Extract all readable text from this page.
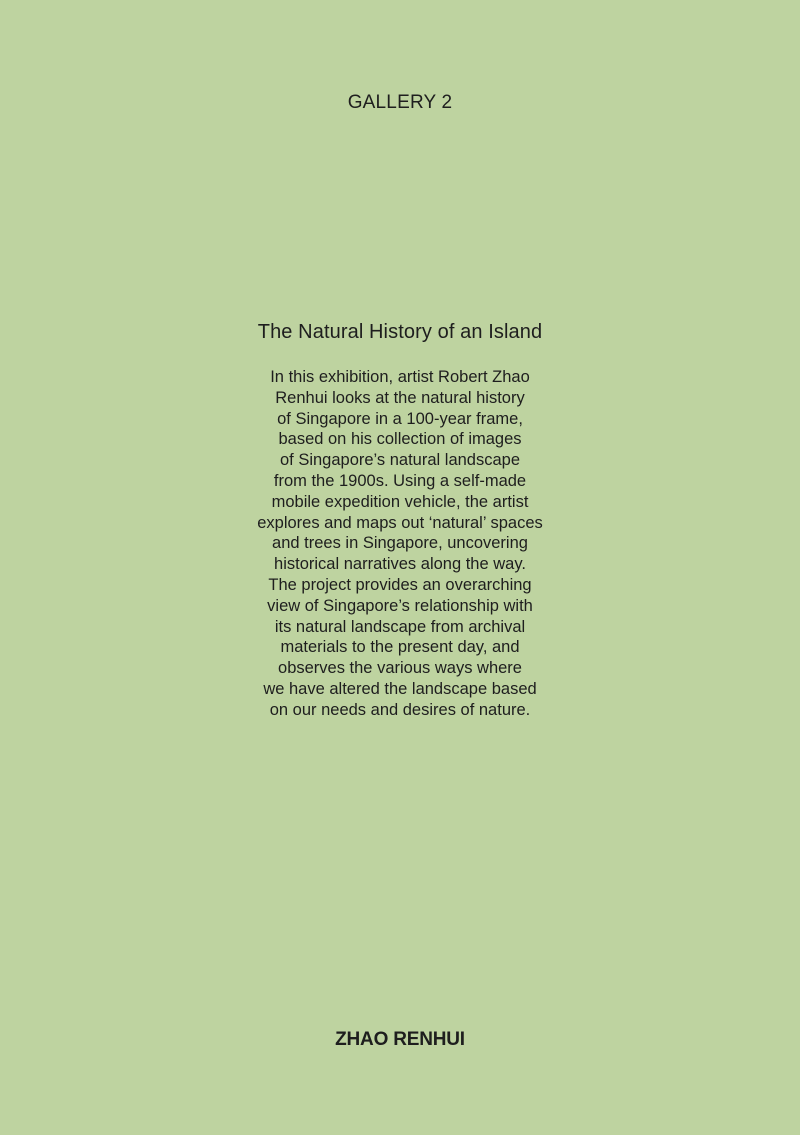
GALLERY 2
The Natural History of an Island
In this exhibition, artist Robert Zhao
Renhui looks at the natural history
of Singapore in a 100-year frame,
based on his collection of images
of Singapore’s natural landscape
from the 1900s. Using a self-made
mobile expedition vehicle, the artist
explores and maps out ‘natural’ spaces
and trees in Singapore, uncovering
historical narratives along the way.
The project provides an overarching
view of Singapore’s relationship with
its natural landscape from archival
materials to the present day, and
observes the various ways where
we have altered the landscape based
on our needs and desires of nature.
ZHAO RENHUI
